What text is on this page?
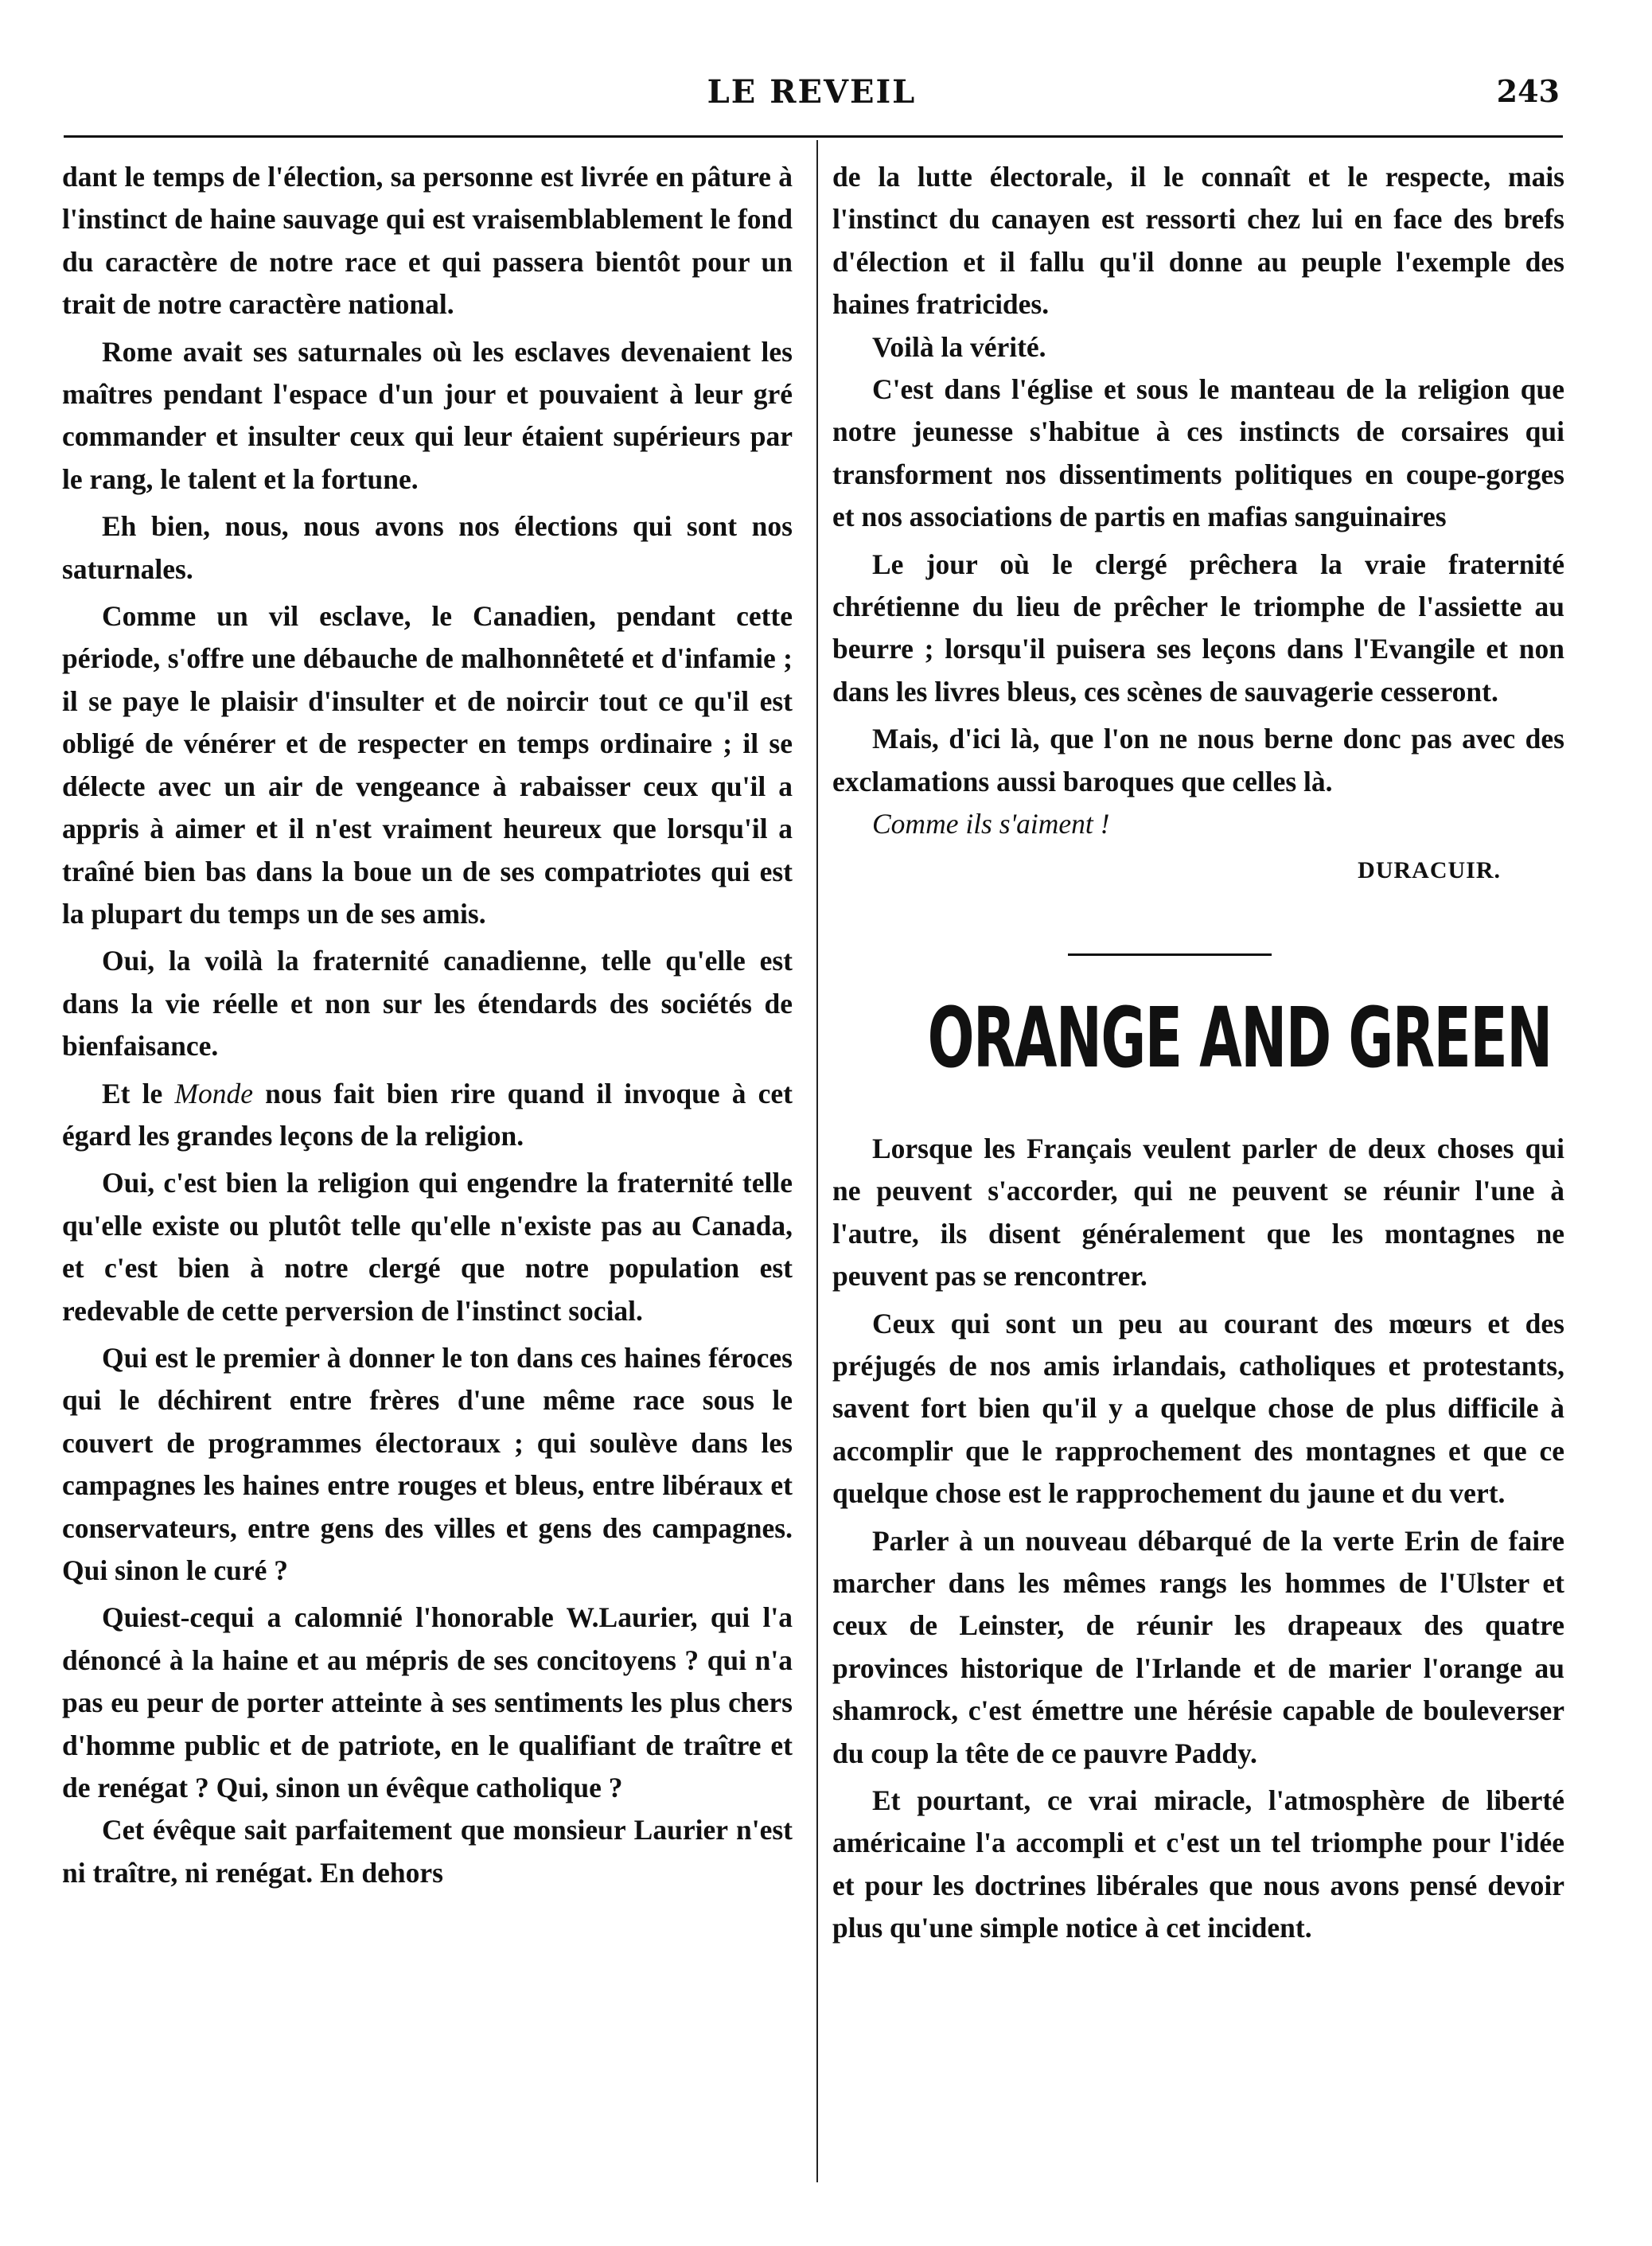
LE REVEIL	243

dant le temps de l'élection, sa personne est livrée en pâture à l'instinct de haine sauvage qui est vraisemblablement le fond du caractère de notre race et qui passera bientôt pour un trait de notre caractère national.

Rome avait ses saturnales où les esclaves devenaient les maîtres pendant l'espace d'un jour et pouvaient à leur gré commander et insulter ceux qui leur étaient supérieurs par le rang, le talent et la fortune.

Eh bien, nous, nous avons nos élections qui sont nos saturnales.

Comme un vil esclave, le Canadien, pendant cette période, s'offre une débauche de malhonnêteté et d'infamie ; il se paye le plaisir d'insulter et de noircir tout ce qu'il est obligé de vénérer et de respecter en temps ordinaire ; il se délecte avec un air de vengeance à rabaisser ceux qu'il a appris à aimer et il n'est vraiment heureux que lorsqu'il a traîné bien bas dans la boue un de ses compatriotes qui est la plupart du temps un de ses amis.

Oui, la voilà la fraternité canadienne, telle qu'elle est dans la vie réelle et non sur les étendards des sociétés de bienfaisance.

Et le Monde nous fait bien rire quand il invoque à cet égard les grandes leçons de la religion.

Oui, c'est bien la religion qui engendre la fraternité telle qu'elle existe ou plutôt telle qu'elle n'existe pas au Canada, et c'est bien à notre clergé que notre population est redevable de cette perversion de l'instinct social.

Qui est le premier à donner le ton dans ces haines féroces qui le déchirent entre frères d'une même race sous le couvert de programmes électoraux ; qui soulève dans les campagnes les haines entre rouges et bleus, entre libéraux et conservateurs, entre gens des villes et gens des campagnes. Qui sinon le curé ?

Quiest-cequi a calomnié l'honorable W.Laurier, qui l'a dénoncé à la haine et au mépris de ses concitoyens ? qui n'a pas eu peur de porter atteinte à ses sentiments les plus chers d'homme public et de patriote, en le qualifiant de traître et de renégat ? Qui, sinon un évêque catholique ?

Cet évêque sait parfaitement que monsieur Laurier n'est ni traître, ni renégat. En dehors

de la lutte électorale, il le connaît et le respecte, mais l'instinct du canayen est ressorti chez lui en face des brefs d'élection et il fallu qu'il donne au peuple l'exemple des haines fratricides.

Voilà la vérité.

C'est dans l'église et sous le manteau de la religion que notre jeunesse s'habitue à ces instincts de corsaires qui transforment nos dissentiments politiques en coupe-gorges et nos associations de partis en mafias sanguinaires

Le jour où le clergé prêchera la vraie fraternité chrétienne du lieu de prêcher le triomphe de l'assiette au beurre ; lorsqu'il puisera ses leçons dans l'Evangile et non dans les livres bleus, ces scènes de sauvagerie cesseront.

Mais, d'ici là, que l'on ne nous berne donc pas avec des exclamations aussi baroques que celles là.

Comme ils s'aiment !

DURACUIR.
ORANGE AND GREEN

Lorsque les Français veulent parler de deux choses qui ne peuvent s'accorder, qui ne peuvent se réunir l'une à l'autre, ils disent généralement que les montagnes ne peuvent pas se rencontrer.

Ceux qui sont un peu au courant des mœurs et des préjugés de nos amis irlandais, catholiques et protestants, savent fort bien qu'il y a quelque chose de plus difficile à accomplir que le rapprochement des montagnes et que ce quelque chose est le rapprochement du jaune et du vert.

Parler à un nouveau débarqué de la verte Erin de faire marcher dans les mêmes rangs les hommes de l'Ulster et ceux de Leinster, de réunir les drapeaux des quatre provinces historique de l'Irlande et de marier l'orange au shamrock, c'est émettre une hérésie capable de bouleverser du coup la tête de ce pauvre Paddy.

Et pourtant, ce vrai miracle, l'atmosphère de liberté américaine l'a accompli et c'est un tel triomphe pour l'idée et pour les doctrines libérales que nous avons pensé devoir plus qu'une simple notice à cet incident.
